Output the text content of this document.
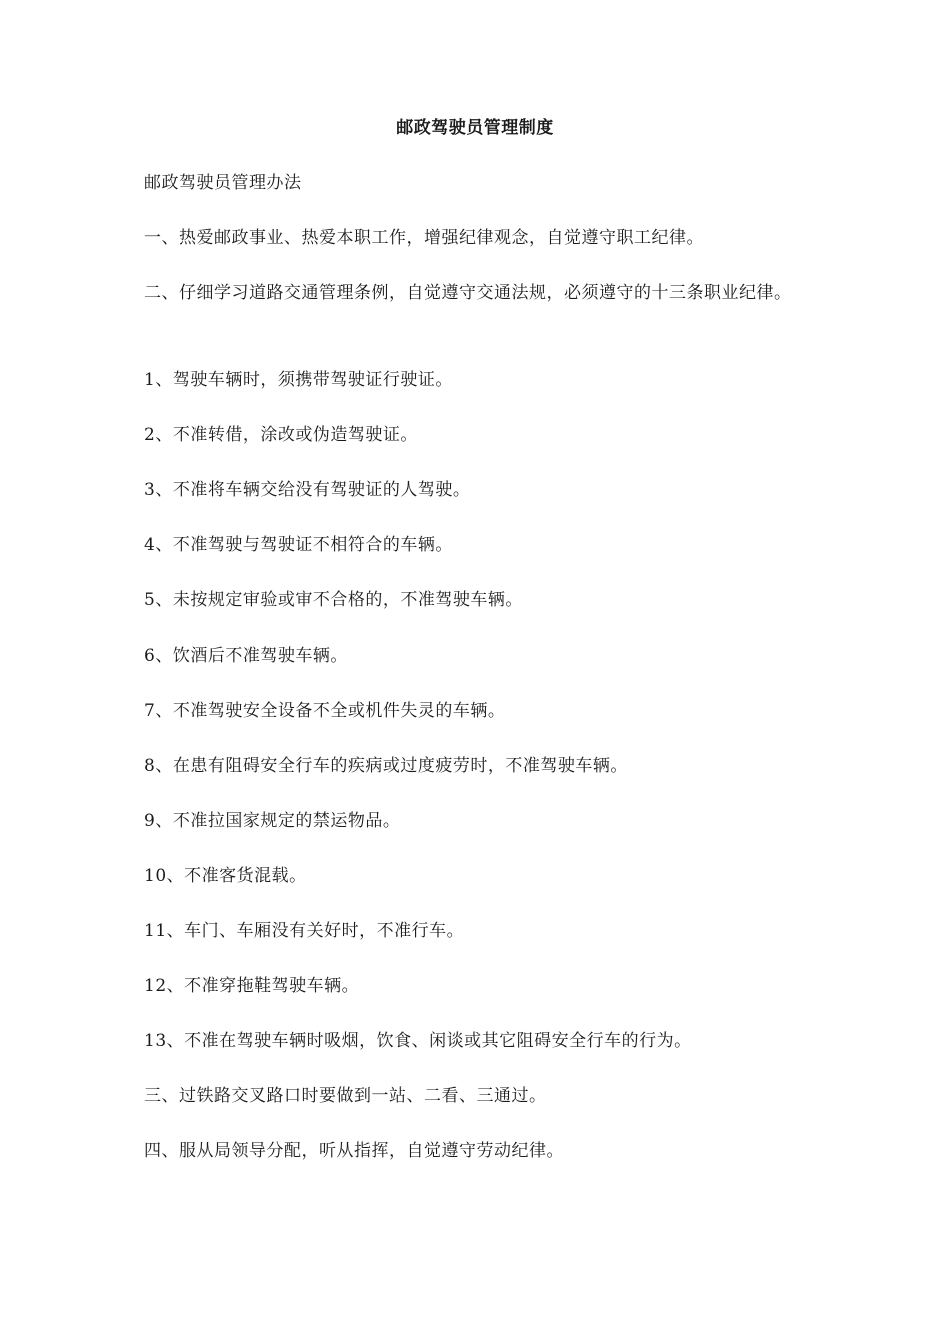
邮政驾驶员管理制度
邮政驾驶员管理办法
一、热爱邮政事业、热爱本职工作，增强纪律观念，自觉遵守职工纪律。
二、仔细学习道路交通管理条例，自觉遵守交通法规，必须遵守的十三条职业纪律。
1、驾驶车辆时，须携带驾驶证行驶证。
2、不准转借，涂改或伪造驾驶证。
3、不准将车辆交给没有驾驶证的人驾驶。
4、不准驾驶与驾驶证不相符合的车辆。
5、未按规定审验或审不合格的，不准驾驶车辆。
6、饮酒后不准驾驶车辆。
7、不准驾驶安全设备不全或机件失灵的车辆。
8、在患有阻碍安全行车的疾病或过度疲劳时，不准驾驶车辆。
9、不准拉国家规定的禁运物品。
10、不准客货混载。
11、车门、车厢没有关好时，不准行车。
12、不准穿拖鞋驾驶车辆。
13、不准在驾驶车辆时吸烟，饮食、闲谈或其它阻碍安全行车的行为。
三、过铁路交叉路口时要做到一站、二看、三通过。
四、服从局领导分配，听从指挥，自觉遵守劳动纪律。
